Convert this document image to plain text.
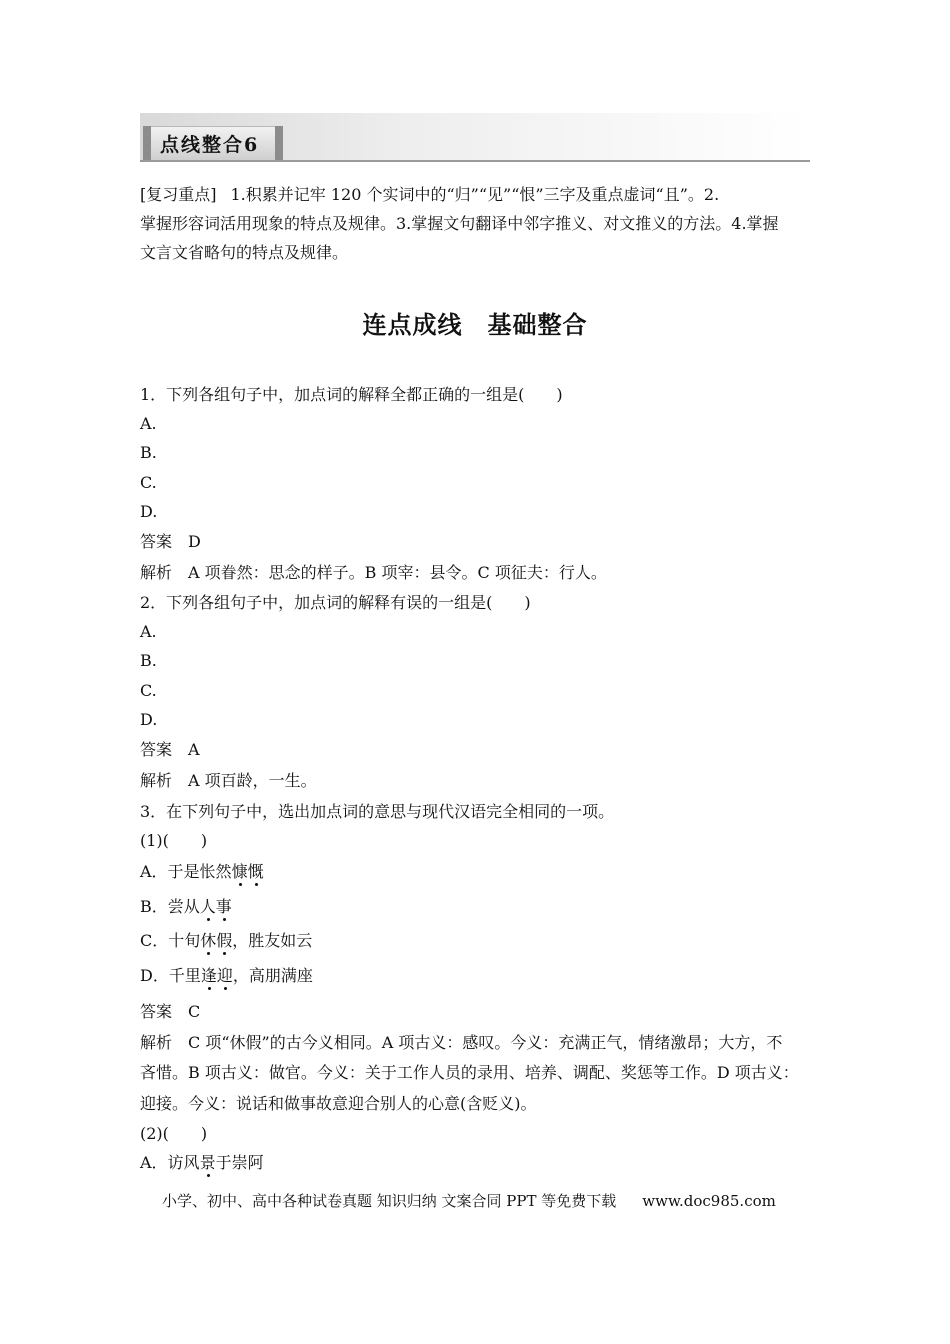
点线整合6
[复习重点] 1.积累并记牢 120 个实词中的“归”“见”“恨”三字及重点虚词“且”。2.
掌握形容词活用现象的特点及规律。3.掌握文句翻译中邻字推义、对文推义的方法。4.掌握
文言文省略句的特点及规律。
连点成线　基础整合
1．下列各组句子中，加点词的解释全都正确的一组是(　　)
A.
B.
C.
D.
答案 D
解析 A 项眷然：思念的样子。B 项宰：县令。C 项征夫：行人。
2．下列各组句子中，加点词的解释有误的一组是(　　)
A.
B.
C.
D.
答案 A
解析 A 项百龄，一生。
3．在下列句子中，选出加点词的意思与现代汉语完全相同的一项。
(1)(　　)
A．于是怅然慷慨
B．尝从人事
C．十旬休假，胜友如云
D．千里逢迎，高朋满座
答案 C
解析 C 项“休假”的古今义相同。A 项古义：感叹。今义：充满正气，情绪激昂；大方，不
吝惜。B 项古义：做官。今义：关于工作人员的录用、培养、调配、奖惩等工作。D 项古义：
迎接。今义：说话和做事故意迎合别人的心意(含贬义)。
(2)(　　)
A．访风景于崇阿
小学、初中、高中各种试卷真题 知识归纳 文案合同 PPT 等免费下载 www.doc985.com
